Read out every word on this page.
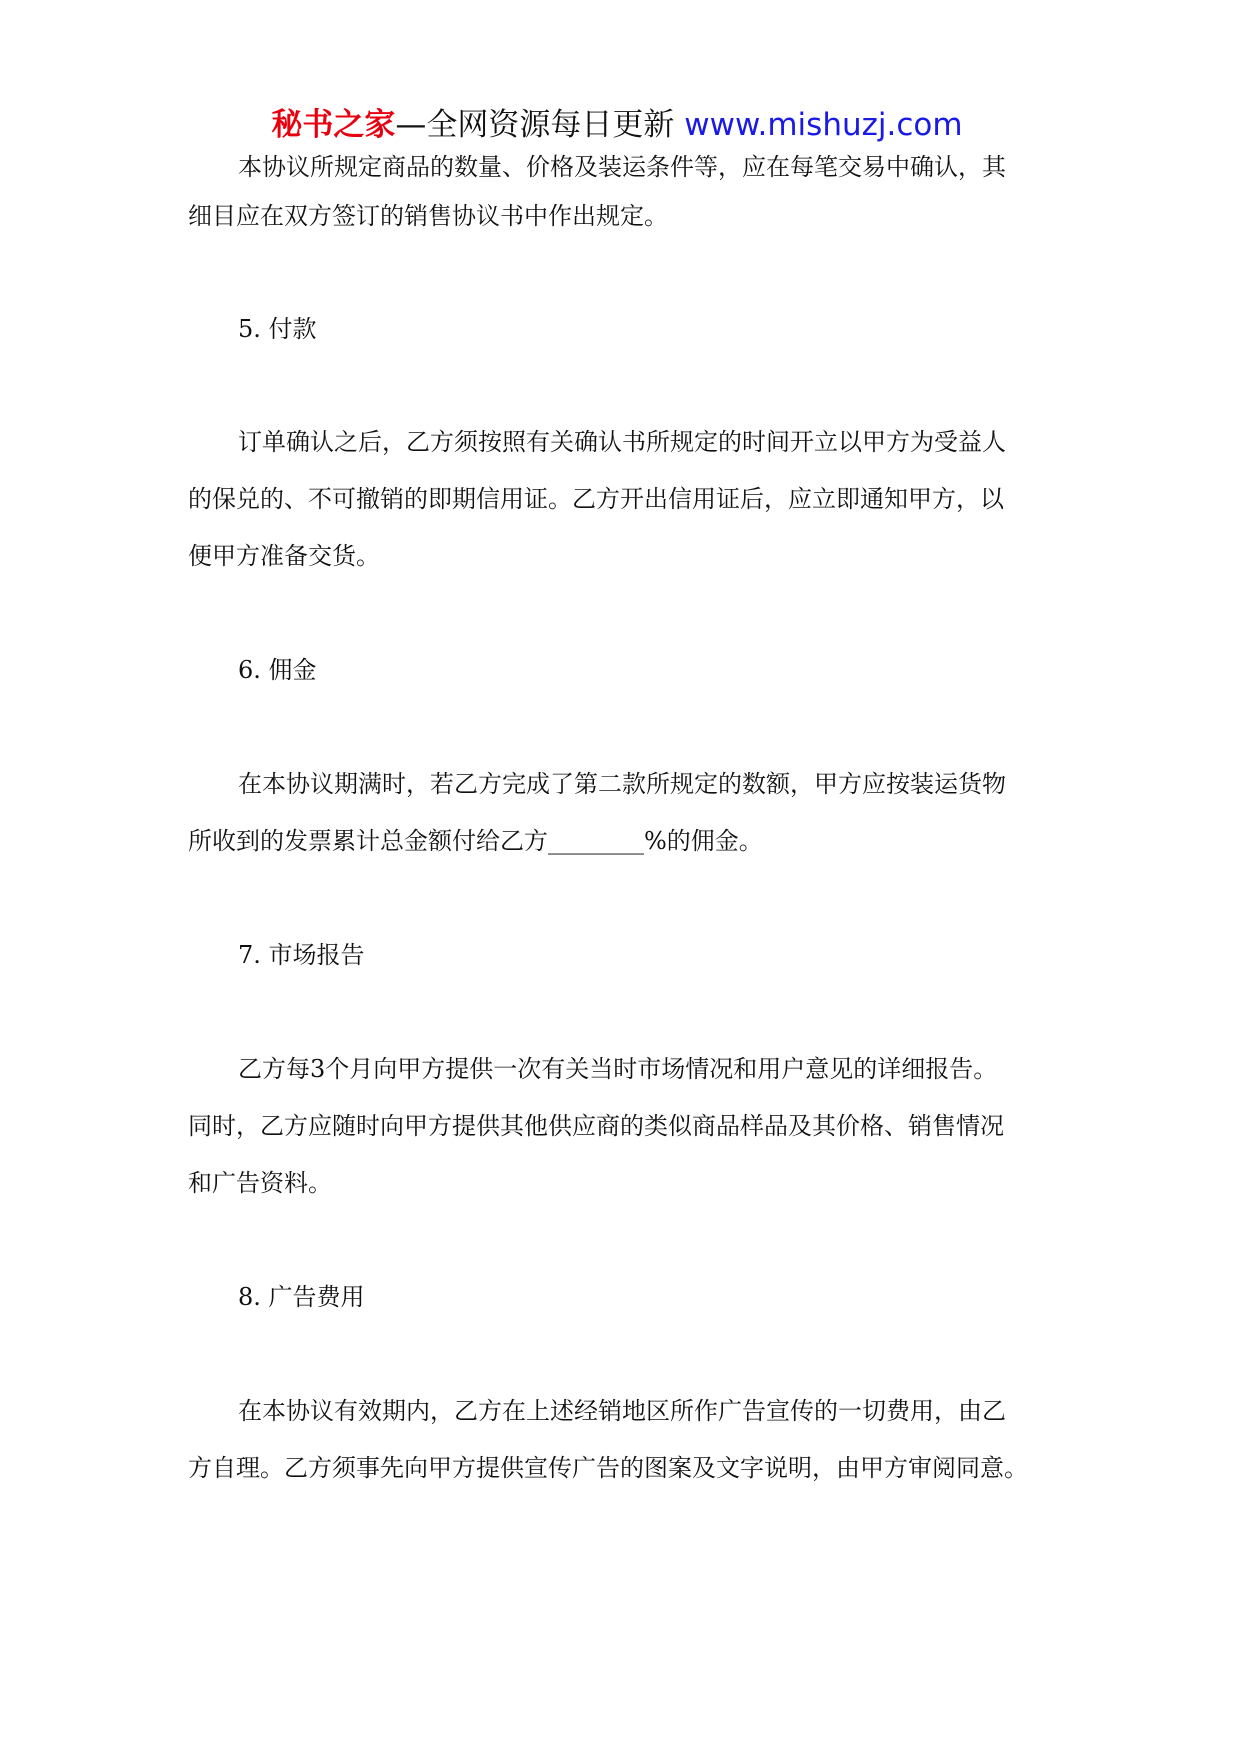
秘书之家—全网资源每日更新 www.mishuzj.com

本协议所规定商品的数量、价格及装运条件等，应在每笔交易中确认，其

细目应在双方签订的销售协议书中作出规定。

5. 付款

订单确认之后，乙方须按照有关确认书所规定的时间开立以甲方为受益人

的保兑的、不可撤销的即期信用证。乙方开出信用证后，应立即通知甲方，以

便甲方准备交货。

6. 佣金

在本协议期满时，若乙方完成了第二款所规定的数额，甲方应按装运货物

所收到的发票累计总金额付给乙方________%的佣金。

7. 市场报告

乙方每3个月向甲方提供一次有关当时市场情况和用户意见的详细报告。

同时，乙方应随时向甲方提供其他供应商的类似商品样品及其价格、销售情况

和广告资料。

8. 广告费用

在本协议有效期内，乙方在上述经销地区所作广告宣传的一切费用，由乙

方自理。乙方须事先向甲方提供宣传广告的图案及文字说明，由甲方审阅同意。
